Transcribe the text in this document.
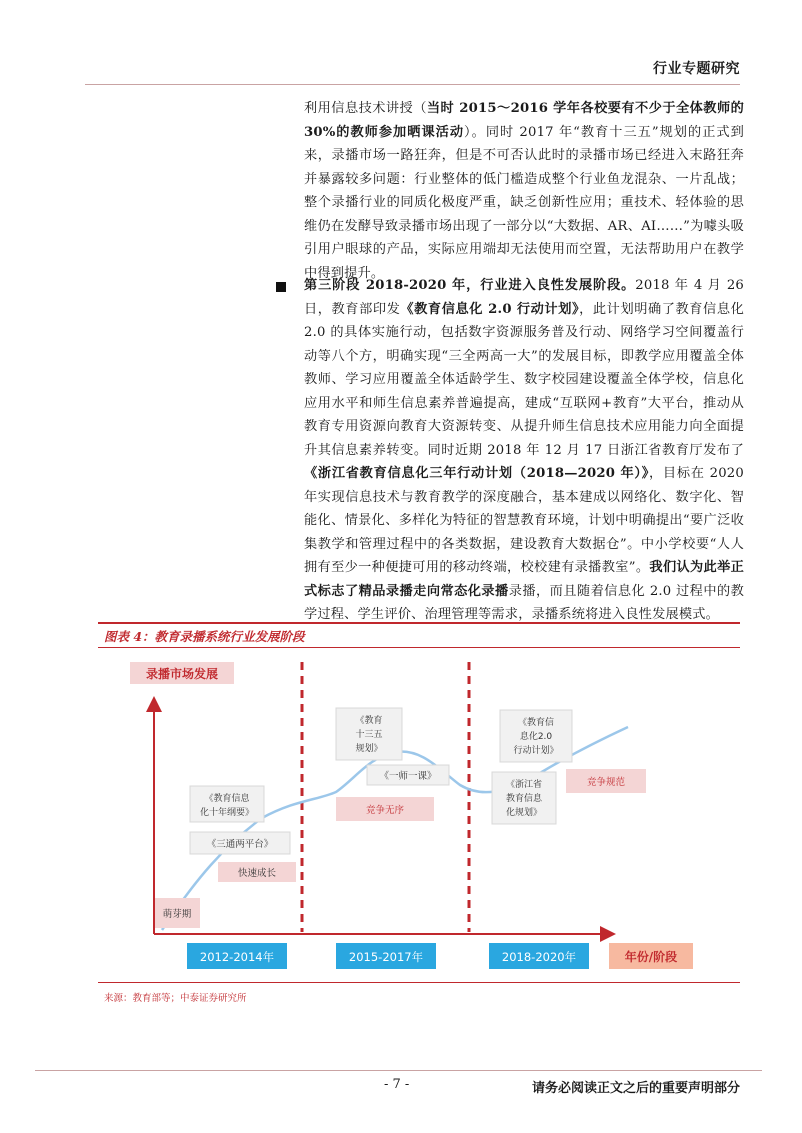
行业专题研究
利用信息技术讲授（当时 2015～2016 学年各校要有不少于全体教师的 30%的教师参加晒课活动）。同时 2017 年“教育十三五”规划的正式到来，录播市场一路狂奔，但是不可否认此时的录播市场已经进入末路狂奔并暴露较多问题：行业整体的低门槛造成整个行业鱼龙混杂、一片乱战；整个录播行业的同质化极度严重，缺乏创新性应用；重技术、轻体验的思维仍在发酵导致录播市场出现了一部分以“大数据、AR、AI……”为噱头吸引用户眼球的产品，实际应用端却无法使用而空置，无法帮助用户在教学中得到提升。
第三阶段 2018-2020 年，行业进入良性发展阶段。2018 年 4 月 26 日，教育部印发《教育信息化 2.0 行动计划》，此计划明确了教育信息化 2.0 的具体实施行动，包括数字资源服务普及行动、网络学习空间覆盖行动等八个方，明确实现“三全两高一大”的发展目标，即教学应用覆盖全体教师、学习应用覆盖全体适龄学生、数字校园建设覆盖全体学校，信息化应用水平和师生信息素养普遍提高，建成“互联网+教育”大平台，推动从教育专用资源向教育大资源转变、从提升师生信息技术应用能力向全面提升其信息素养转变。同时近期 2018 年 12 月 17 日浙江省教育厅发布了《浙江省教育信息化三年行动计划（2018—2020 年）》，目标在 2020 年实现信息技术与教育教学的深度融合，基本建成以网络化、数字化、智能化、情景化、多样化为特征的智慧教育环境，计划中明确提出“要广泛收集教学和管理过程中的各类数据，建设教育大数据仓”。中小学校要“人人拥有至少一种便捷可用的移动终端，校校建有录播教室”。我们认为此举正式标志了精品录播走向常态化录播录播，而且随着信息化 2.0 过程中的教学过程、学生评价、治理管理等需求，录播系统将进入良性发展模式。
图表 4：教育录播系统行业发展阶段
录播市场发展
2012-2014年	2015-2017年	2018-2020年	年份/阶段
萌芽期
快速成长
竞争无序
竞争规范
《教育信息
化十年纲要》
《三通两平台》
《教育
十三五
规划》
《一师一课》
《教育信
息化2.0
行动计划》
《浙江省
教育信息
化规划》
来源：教育部等；中泰证券研究所
- 7 -	请务必阅读正文之后的重要声明部分
